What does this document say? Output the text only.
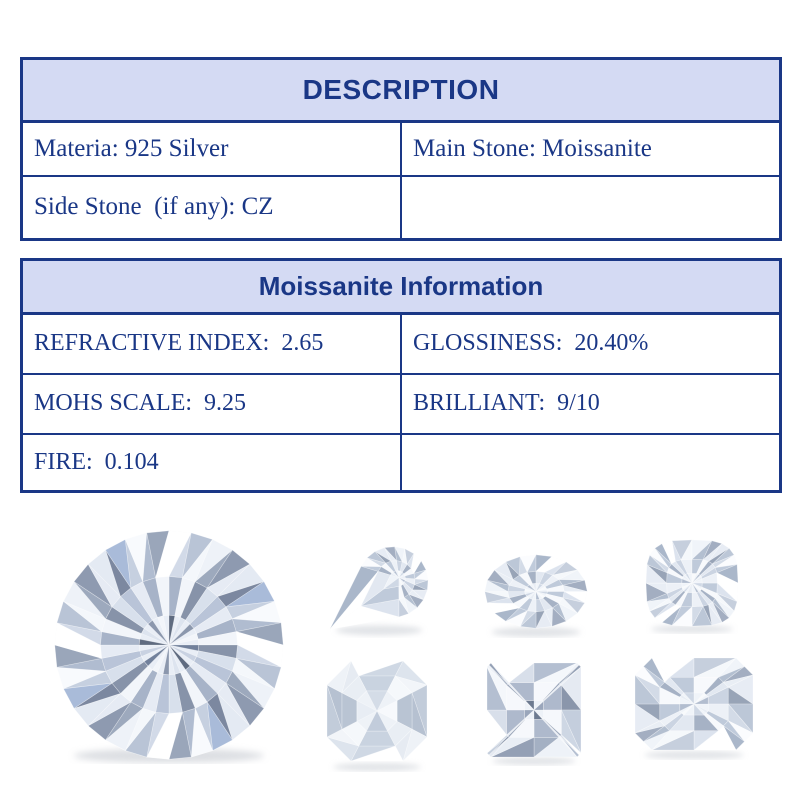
DESCRIPTION	
Materia: 925 Silver	Main Stone: Moissanite
Side Stone  (if any): CZ	
Moissanite Information	
REFRACTIVE INDEX:  2.65	GLOSSINESS:  20.40%
MOHS SCALE:  9.25	BRILLIANT:  9/10
FIRE:  0.104	
